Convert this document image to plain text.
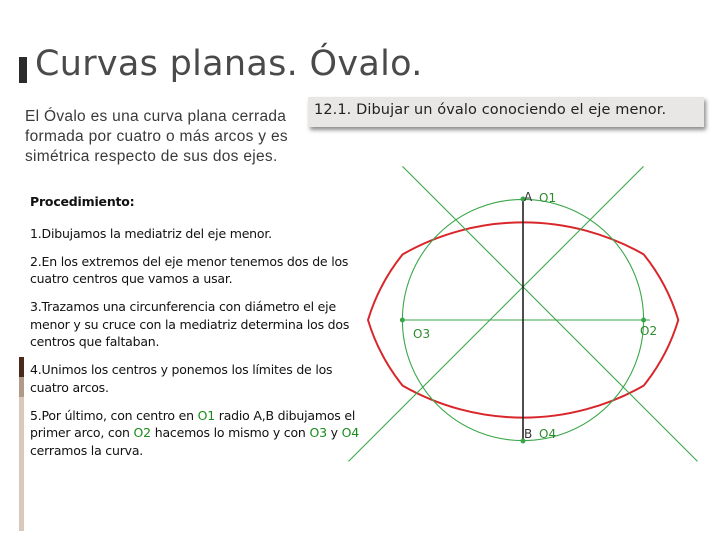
Curvas planas. Óvalo.
El Óvalo es una curva plana cerrada formada por cuatro o más arcos y es simétrica respecto de sus dos ejes.
12.1. Dibujar un óvalo conociendo el eje menor.

Procedimiento:

1.Dibujamos la mediatriz del eje menor.

2.En los extremos del eje menor tenemos dos de los cuatro centros que vamos a usar.

3.Trazamos una circunferencia con diámetro el eje menor y su cruce con la mediatriz determina los dos centros que faltaban.

4.Unimos los centros y ponemos los límites de los cuatro arcos.

5.Por último, con centro en O1 radio A,B dibujamos el primer arco, con O2 hacemos lo mismo y con O3 y O4 cerramos la curva.

A O1
O2
O3
B O4
